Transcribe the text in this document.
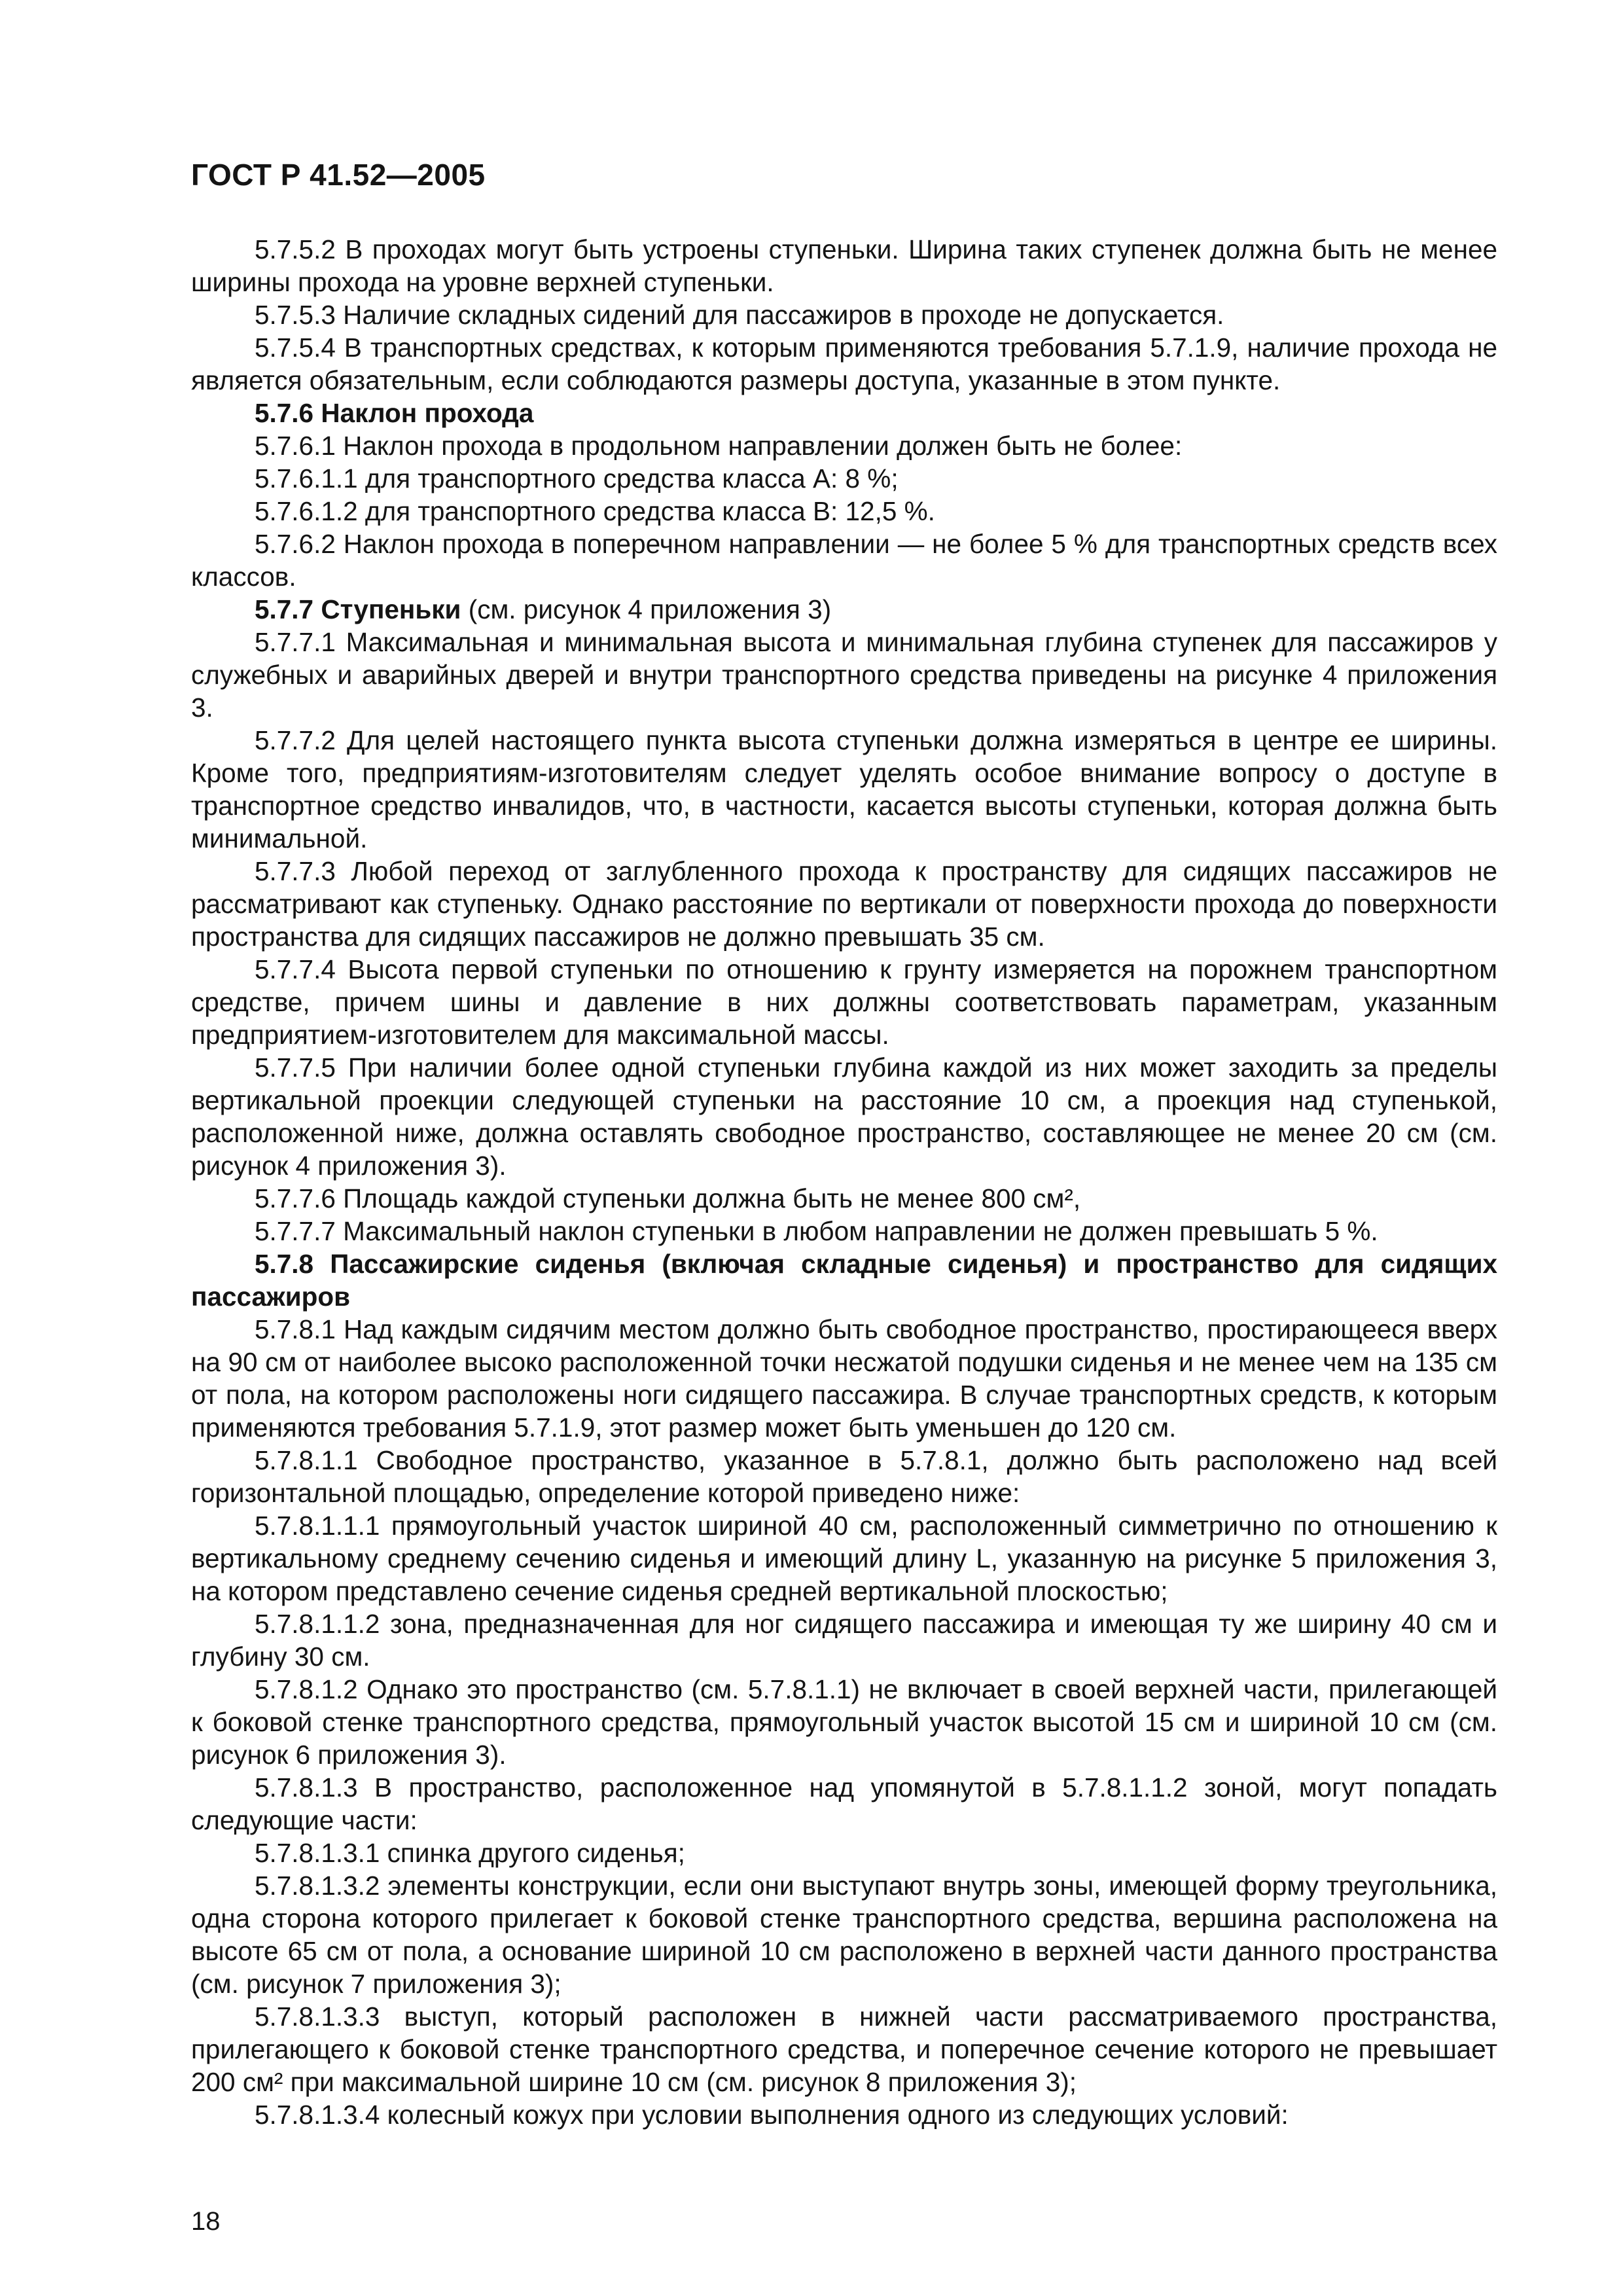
ГОСТ Р 41.52—2005

5.7.5.2 В проходах могут быть устроены ступеньки. Ширина таких ступенек должна быть не менее ширины прохода на уровне верхней ступеньки.

5.7.5.3 Наличие складных сидений для пассажиров в проходе не допускается.

5.7.5.4 В транспортных средствах, к которым применяются требования 5.7.1.9, наличие прохода не является обязательным, если соблюдаются размеры доступа, указанные в этом пункте.

5.7.6 Наклон прохода

5.7.6.1 Наклон прохода в продольном направлении должен быть не более:

5.7.6.1.1 для транспортного средства класса А: 8 %;

5.7.6.1.2 для транспортного средства класса В: 12,5 %.

5.7.6.2 Наклон прохода в поперечном направлении — не более 5 % для транспортных средств всех классов.

5.7.7 Ступеньки (см. рисунок 4 приложения 3)

5.7.7.1 Максимальная и минимальная высота и минимальная глубина ступенек для пассажиров у служебных и аварийных дверей и внутри транспортного средства приведены на рисунке 4 приложения 3.

5.7.7.2 Для целей настоящего пункта высота ступеньки должна измеряться в центре ее ширины. Кроме того, предприятиям-изготовителям следует уделять особое внимание вопросу о доступе в транспортное средство инвалидов, что, в частности, касается высоты ступеньки, которая должна быть минимальной.

5.7.7.3 Любой переход от заглубленного прохода к пространству для сидящих пассажиров не рассматривают как ступеньку. Однако расстояние по вертикали от поверхности прохода до поверхности пространства для сидящих пассажиров не должно превышать 35 см.

5.7.7.4 Высота первой ступеньки по отношению к грунту измеряется на порожнем транспортном средстве, причем шины и давление в них должны соответствовать параметрам, указанным предприятием-изготовителем для максимальной массы.

5.7.7.5 При наличии более одной ступеньки глубина каждой из них может заходить за пределы вертикальной проекции следующей ступеньки на расстояние 10 см, а проекция над ступенькой, расположенной ниже, должна оставлять свободное пространство, составляющее не менее 20 см (см. рисунок 4 приложения 3).

5.7.7.6 Площадь каждой ступеньки должна быть не менее 800 см²,

5.7.7.7 Максимальный наклон ступеньки в любом направлении не должен превышать 5 %.

5.7.8 Пассажирские сиденья (включая складные сиденья) и пространство для сидящих пассажиров

5.7.8.1 Над каждым сидячим местом должно быть свободное пространство, простирающееся вверх на 90 см от наиболее высоко расположенной точки несжатой подушки сиденья и не менее чем на 135 см от пола, на котором расположены ноги сидящего пассажира. В случае транспортных средств, к которым применяются требования 5.7.1.9, этот размер может быть уменьшен до 120 см.

5.7.8.1.1 Свободное пространство, указанное в 5.7.8.1, должно быть расположено над всей горизонтальной площадью, определение которой приведено ниже:

5.7.8.1.1.1 прямоугольный участок шириной 40 см, расположенный симметрично по отношению к вертикальному среднему сечению сиденья и имеющий длину L, указанную на рисунке 5 приложения 3, на котором представлено сечение сиденья средней вертикальной плоскостью;

5.7.8.1.1.2 зона, предназначенная для ног сидящего пассажира и имеющая ту же ширину 40 см и глубину 30 см.

5.7.8.1.2 Однако это пространство (см. 5.7.8.1.1) не включает в своей верхней части, прилегающей к боковой стенке транспортного средства, прямоугольный участок высотой 15 см и шириной 10 см (см. рисунок 6 приложения 3).

5.7.8.1.3 В пространство, расположенное над упомянутой в 5.7.8.1.1.2 зоной, могут попадать следующие части:

5.7.8.1.3.1 спинка другого сиденья;

5.7.8.1.3.2 элементы конструкции, если они выступают внутрь зоны, имеющей форму треугольника, одна сторона которого прилегает к боковой стенке транспортного средства, вершина расположена на высоте 65 см от пола, а основание шириной 10 см расположено в верхней части данного пространства (см. рисунок 7 приложения 3);

5.7.8.1.3.3 выступ, который расположен в нижней части рассматриваемого пространства, прилегающего к боковой стенке транспортного средства, и поперечное сечение которого не превышает 200 см² при максимальной ширине 10 см (см. рисунок 8 приложения 3);

5.7.8.1.3.4 колесный кожух при условии выполнения одного из следующих условий:

18
